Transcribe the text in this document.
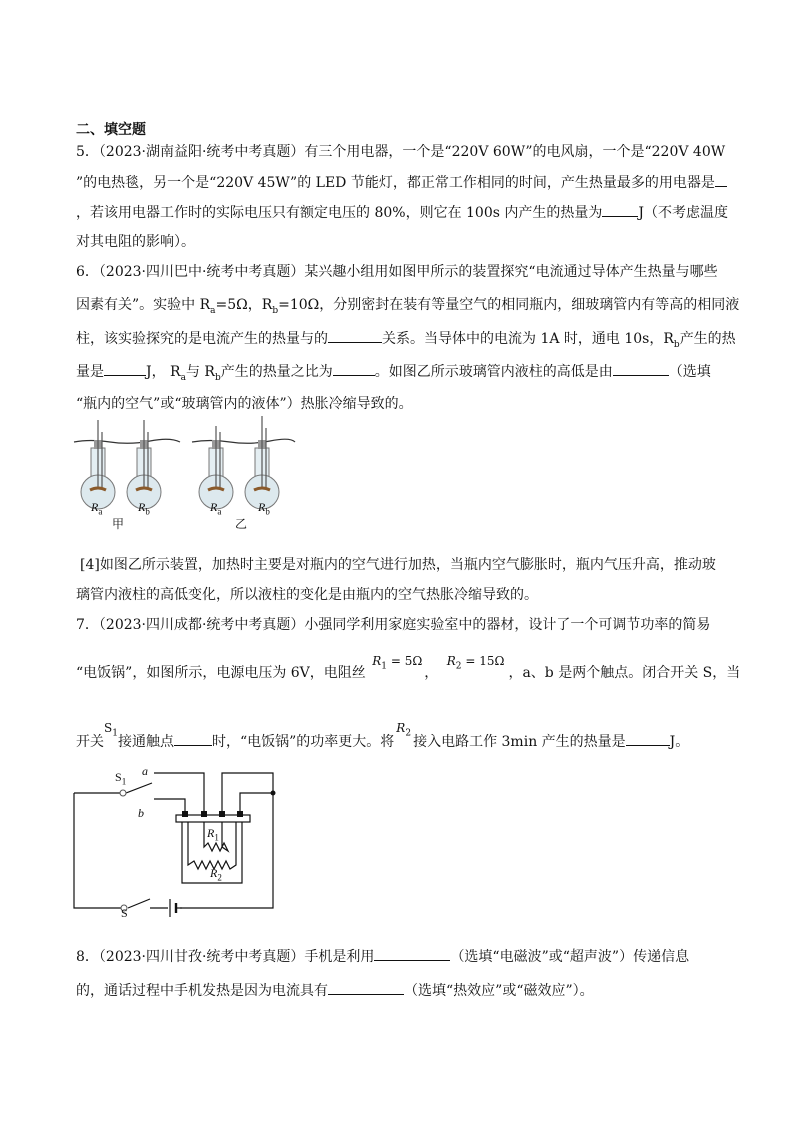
二、填空题
5．（2023·湖南益阳·统考中考真题）有三个用电器，一个是“220V 60W”的电风扇，一个是“220V 40W
”的电热毯，另一个是“220V 45W”的 LED 节能灯，都正常工作相同的时间，产生热量最多的用电器是
，若该用电器工作时的实际电压只有额定电压的 80%，则它在 100s 内产生的热量为	J（不考虑温度
对其电阻的影响）。
6．（2023·四川巴中·统考中考真题）某兴趣小组用如图甲所示的装置探究“电流通过导体产生热量与哪些
因素有关”。实验中 $R_a=5\Omega$，$R_b=10\Omega$，分别密封在装有等量空气的相同瓶内，细玻璃管内有等高的相同液
柱，该实验探究的是电流产生的热量与的	关系。当导体中的电流为 1A 时，通电 10s，$R_b$产生的热
量是	J， $R_a$与 $R_b$产生的热量之比为	。如图乙所示玻璃管内液柱的高低是由	（选填
“瓶内的空气”或“玻璃管内的液体”）热胀冷缩导致的。
$R_a$	$R_b$
甲
$R_a$	$R_b$
乙
[4]如图乙所示装置，加热时主要是对瓶内的空气进行加热，当瓶内空气膨胀时，瓶内气压升高，推动玻
璃管内液柱的高低变化，所以液柱的变化是由瓶内的空气热胀冷缩导致的。
7．（2023·四川成都·统考中考真题）小强同学利用家庭实验室中的器材，设计了一个可调节功率的简易
“电饭锅”，如图所示，电源电压为 6V，电阻丝 $R_1 = 5\Omega$， $R_2 = 15\Omega$，a、b 是两个触点。闭合开关 S，当
开关$S_1$接通触点	时，“电饭锅”的功率更大。将$R_2$接入电路工作 3min 产生的热量是	J。
$S_1$
a
b
$R_1$
$R_2$
S
8．（2023·四川甘孜·统考中考真题）手机是利用	（选填“电磁波”或“超声波”）传递信息
的，通话过程中手机发热是因为电流具有	（选填“热效应”或“磁效应”）。
